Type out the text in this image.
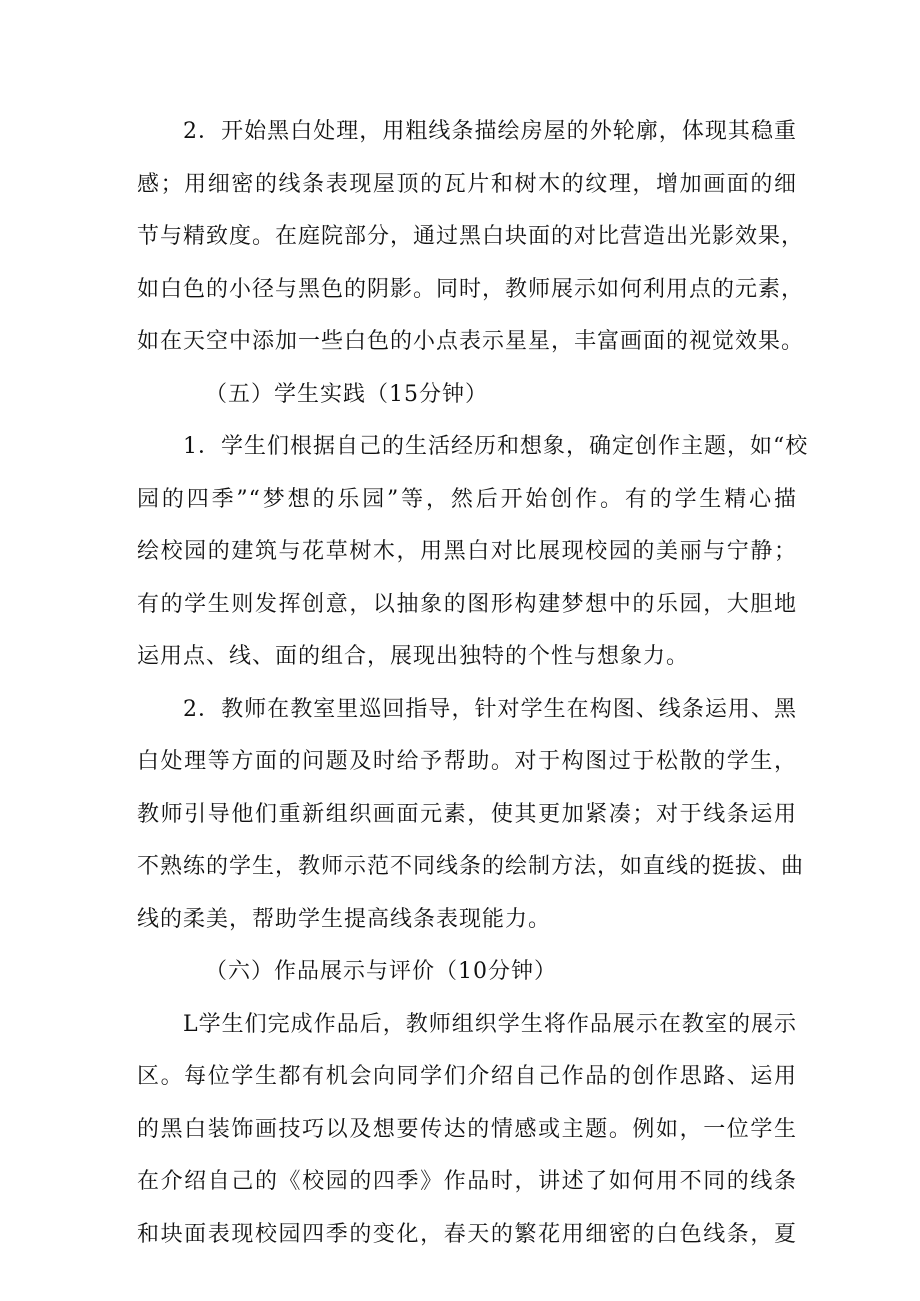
2．开始黑白处理，用粗线条描绘房屋的外轮廓，体现其稳重
感；用细密的线条表现屋顶的瓦片和树木的纹理，增加画面的细
节与精致度。在庭院部分，通过黑白块面的对比营造出光影效果，
如白色的小径与黑色的阴影。同时，教师展示如何利用点的元素，
如在天空中添加一些白色的小点表示星星，丰富画面的视觉效果。
（五）学生实践（15分钟）
1．学生们根据自己的生活经历和想象，确定创作主题，如“校
园的四季”“梦想的乐园”等，然后开始创作。有的学生精心描
绘校园的建筑与花草树木，用黑白对比展现校园的美丽与宁静；
有的学生则发挥创意，以抽象的图形构建梦想中的乐园，大胆地
运用点、线、面的组合，展现出独特的个性与想象力。
2．教师在教室里巡回指导，针对学生在构图、线条运用、黑
白处理等方面的问题及时给予帮助。对于构图过于松散的学生，
教师引导他们重新组织画面元素，使其更加紧凑；对于线条运用
不熟练的学生，教师示范不同线条的绘制方法，如直线的挺拔、曲
线的柔美，帮助学生提高线条表现能力。
（六）作品展示与评价（10分钟）
L学生们完成作品后，教师组织学生将作品展示在教室的展示
区。每位学生都有机会向同学们介绍自己作品的创作思路、运用
的黑白装饰画技巧以及想要传达的情感或主题。例如，一位学生
在介绍自己的《校园的四季》作品时，讲述了如何用不同的线条
和块面表现校园四季的变化，春天的繁花用细密的白色线条，夏
